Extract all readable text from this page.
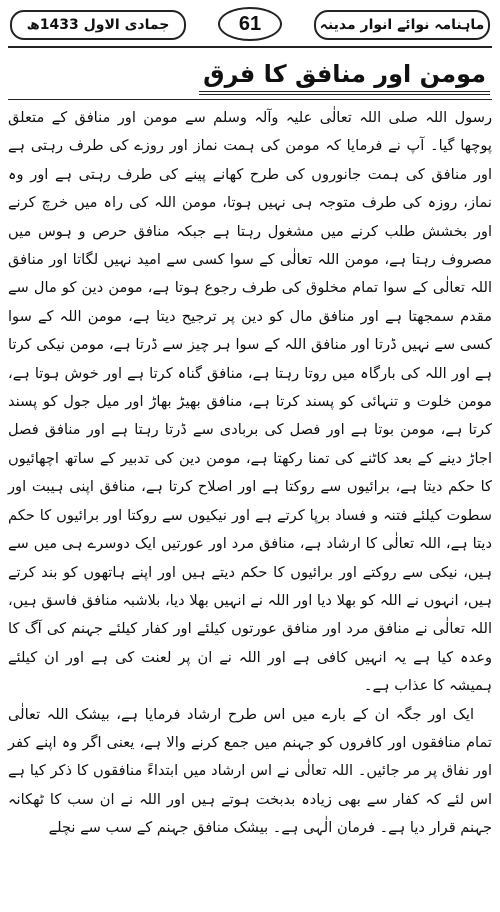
جمادی الاول 1433ھ	61	ماہنامہ نوائے انوار مدینہ
مومن اور منافق کا فرق

رسول اللہ صلی اللہ تعالٰی علیہ وآلہ وسلم سے مومن اور منافق کے متعلق پوچھا گیا۔ آپ نے فرمایا کہ مومن کی ہمت نماز اور روزے کی طرف رہتی ہے اور منافق کی ہمت جانوروں کی طرح کھانے پینے کی طرف رہتی ہے اور وہ نماز، روزہ کی طرف متوجہ ہی نہیں ہوتا، مومن اللہ کی راہ میں خرچ کرنے اور بخشش طلب کرنے میں مشغول رہتا ہے جبکہ منافق حرص و ہوس میں مصروف رہتا ہے، مومن اللہ تعالٰی کے سوا کسی سے امید نہیں لگاتا اور منافق اللہ تعالٰی کے سوا تمام مخلوق کی طرف رجوع ہوتا ہے، مومن دین کو مال سے مقدم سمجھتا ہے اور منافق مال کو دین پر ترجیح دیتا ہے، مومن اللہ کے سوا کسی سے نہیں ڈرتا اور منافق اللہ کے سوا ہر چیز سے ڈرتا ہے، مومن نیکی کرتا ہے اور اللہ کی بارگاہ میں روتا رہتا ہے، منافق گناہ کرتا ہے اور خوش ہوتا ہے، مومن خلوت و تنہائی کو پسند کرتا ہے، منافق بھیڑ بھاڑ اور میل جول کو پسند کرتا ہے، مومن بوتا ہے اور فصل کی بربادی سے ڈرتا رہتا ہے اور منافق فصل اجاڑ دینے کے بعد کاٹنے کی تمنا رکھتا ہے، مومن دین کی تدبیر کے ساتھ اچھائیوں کا حکم دیتا ہے، برائیوں سے روکتا ہے اور اصلاح کرتا ہے، منافق اپنی ہیبت اور سطوت کیلئے فتنہ و فساد برپا کرتے ہے اور نیکیوں سے روکتا اور برائیوں کا حکم دیتا ہے، اللہ تعالٰی کا ارشاد ہے، منافق مرد اور عورتیں ایک دوسرے ہی میں سے ہیں، نیکی سے روکتے اور برائیوں کا حکم دیتے ہیں اور اپنے ہاتھوں کو بند کرتے ہیں، انہوں نے اللہ کو بھلا دیا اور اللہ نے انہیں بھلا دیا، بلاشبہ منافق فاسق ہیں، اللہ تعالٰی نے منافق مرد اور منافق عورتوں کیلئے اور کفار کیلئے جہنم کی آگ کا وعدہ کیا ہے یہ انہیں کافی ہے اور اللہ نے ان پر لعنت کی ہے اور ان کیلئے ہمیشہ کا عذاب ہے۔

ایک اور جگہ ان کے بارے میں اس طرح ارشاد فرمایا ہے، بیشک اللہ تعالٰی تمام منافقوں اور کافروں کو جہنم میں جمع کرنے والا ہے، یعنی اگر وہ اپنے کفر اور نفاق پر مر جائیں۔ اللہ تعالٰی نے اس ارشاد میں ابتداءً منافقوں کا ذکر کیا ہے اس لئے کہ کفار سے بھی زیادہ بدبخت ہوتے ہیں اور اللہ نے ان سب کا ٹھکانہ جہنم قرار دیا ہے۔ فرمان الٰہی ہے۔ بیشک منافق جہنم کے سب سے نچلے
